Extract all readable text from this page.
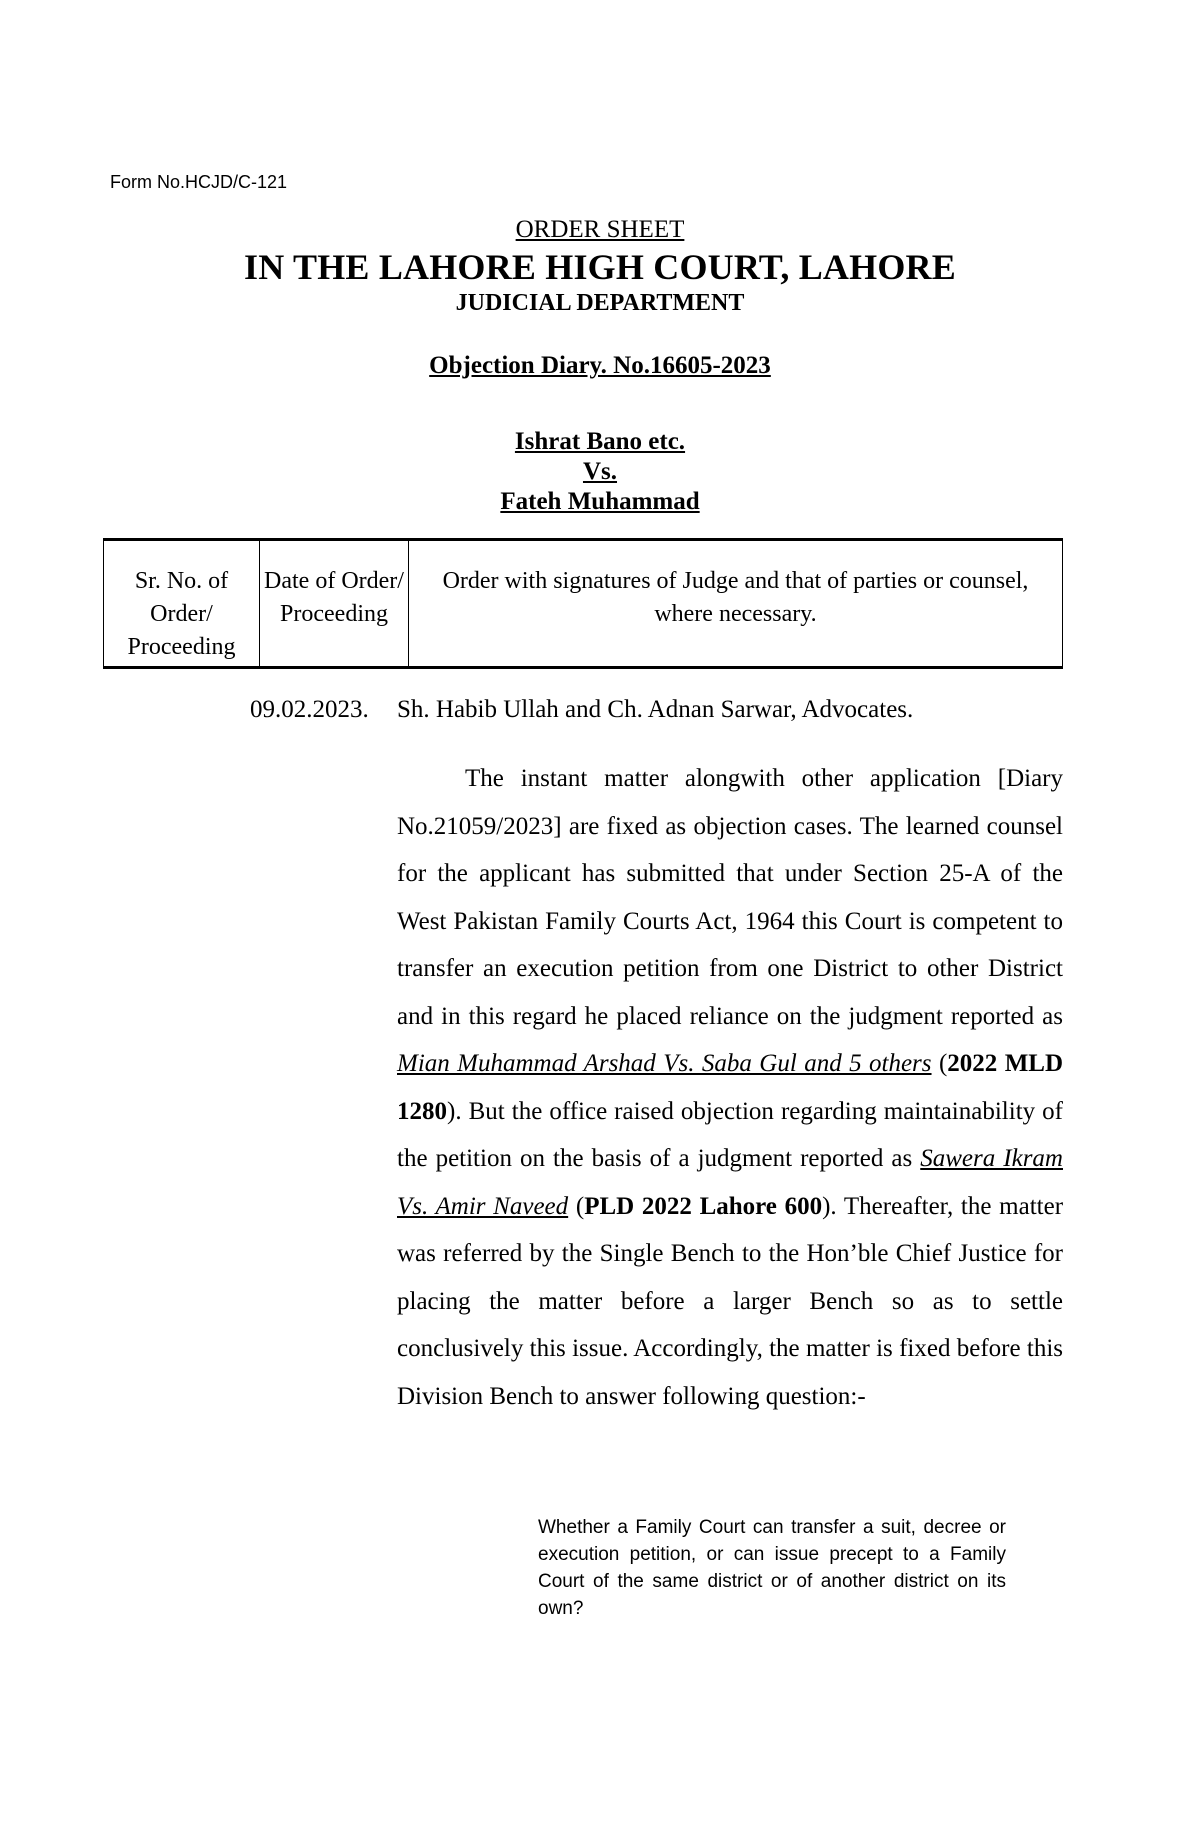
Form No.HCJD/C-121
ORDER SHEET
IN THE LAHORE HIGH COURT, LAHORE
JUDICIAL DEPARTMENT
Objection Diary. No.16605-2023
Ishrat Bano etc.
Vs.
Fateh Muhammad
Sr. No. of Order/ Proceeding	Date of Order/ Proceeding	Order with signatures of Judge and that of parties or counsel, where necessary.
09.02.2023. Sh. Habib Ullah and Ch. Adnan Sarwar, Advocates.
The instant matter alongwith other application [Diary No.21059/2023] are fixed as objection cases. The learned counsel for the applicant has submitted that under Section 25-A of the West Pakistan Family Courts Act, 1964 this Court is competent to transfer an execution petition from one District to other District and in this regard he placed reliance on the judgment reported as Mian Muhammad Arshad Vs. Saba Gul and 5 others (2022 MLD 1280). But the office raised objection regarding maintainability of the petition on the basis of a judgment reported as Sawera Ikram Vs. Amir Naveed (PLD 2022 Lahore 600). Thereafter, the matter was referred by the Single Bench to the Hon’ble Chief Justice for placing the matter before a larger Bench so as to settle conclusively this issue. Accordingly, the matter is fixed before this Division Bench to answer following question:-
Whether a Family Court can transfer a suit, decree or execution petition, or can issue precept to a Family Court of the same district or of another district on its own?
